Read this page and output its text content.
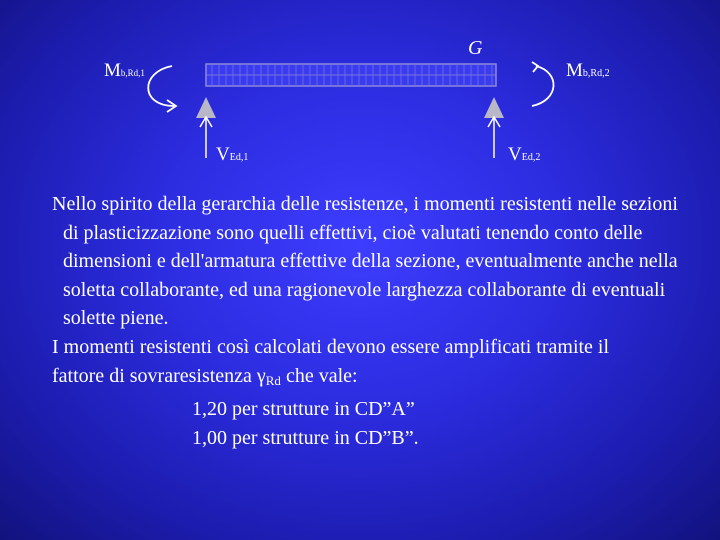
G
Mb,Rd,1	Mb,Rd,2
VEd,1	VEd,2

Nello spirito della gerarchia delle resistenze, i momenti resistenti nelle sezioni di plasticizzazione sono quelli effettivi, cioè valutati tenendo conto delle dimensioni e dell'armatura effettive della sezione, eventualmente anche nella soletta collaborante, ed una ragionevole larghezza collaborante di eventuali solette piene.

I momenti resistenti così calcolati devono essere amplificati tramite il

fattore di sovraresistenza γRd che vale:

1,20 per strutture in CD”A”

1,00 per strutture in CD”B”.
